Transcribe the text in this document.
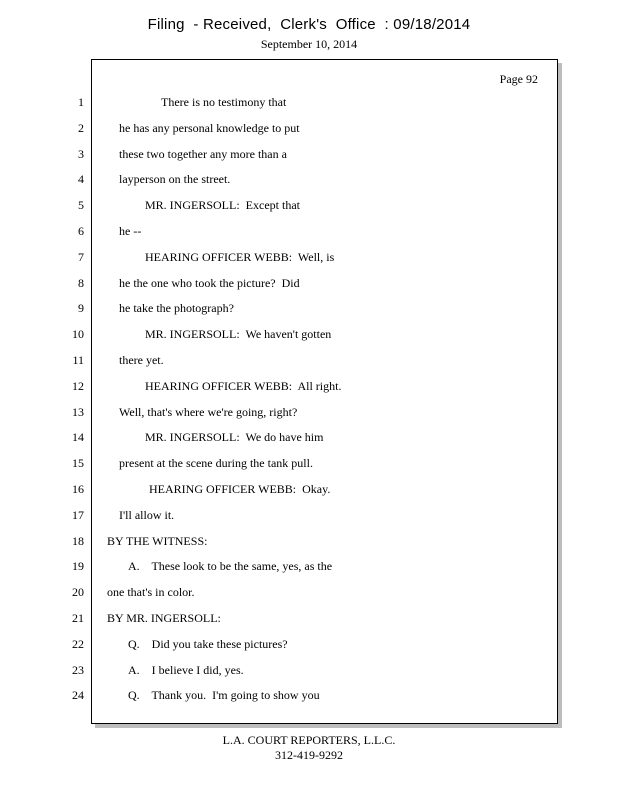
Filing  - Received,  Clerk's  Office  : 09/18/2014
September 10, 2014
Page 92
1
2
3
4
5
6
7
8
9
10
11
12
13
14
15
16
17
18
19
20
21
22
23
24
There is no testimony that
he has any personal knowledge to put
these two together any more than a
layperson on the street.
MR. INGERSOLL:  Except that
he --
HEARING OFFICER WEBB:  Well, is
he the one who took the picture?  Did
he take the photograph?
MR. INGERSOLL:  We haven't gotten
there yet.
HEARING OFFICER WEBB:  All right.
Well, that's where we're going, right?
MR. INGERSOLL:  We do have him
present at the scene during the tank pull.
HEARING OFFICER WEBB:  Okay.
I'll allow it.
BY THE WITNESS:
A.    These look to be the same, yes, as the
one that's in color.
BY MR. INGERSOLL:
Q.    Did you take these pictures?
A.    I believe I did, yes.
Q.    Thank you.  I'm going to show you
L.A. COURT REPORTERS, L.L.C.
312-419-9292
